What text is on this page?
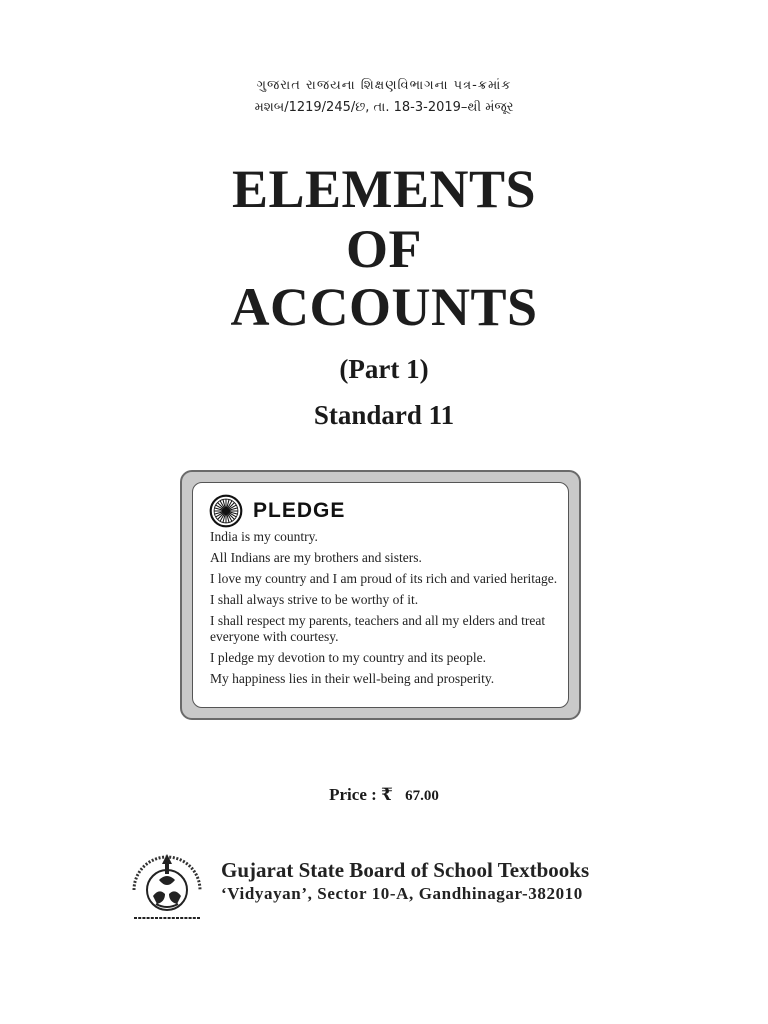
ગુજરાત રાજયના શિક્ષણવિભાગના પત્ર-ક્રમાંક
મશબ/1219/245/છ, તા. 18-3-2019–થી મંજૂર
ELEMENTS
OF
ACCOUNTS
(Part 1)
Standard 11
PLEDGE

India is my country.

All Indians are my brothers and sisters.

I love my country and I am proud of its rich and varied heritage.

I shall always strive to be worthy of it.

I shall respect my parents, teachers and all my elders and treat everyone with courtesy.

I pledge my devotion to my country and its people.

My happiness lies in their well-being and prosperity.

Price : ₹ 67.00
Gujarat State Board of School Textbooks
‘Vidyayan’, Sector 10-A, Gandhinagar-382010
